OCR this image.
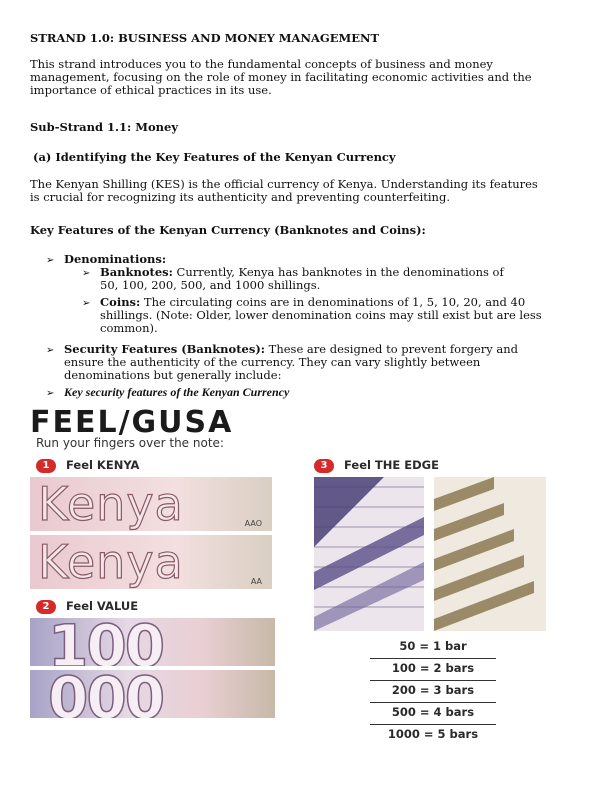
STRAND 1.0: BUSINESS AND MONEY MANAGEMENT
This strand introduces you to the fundamental concepts of business and money
management, focusing on the role of money in facilitating economic activities and the
importance of ethical practices in its use.
Sub-Strand 1.1: Money
(a) Identifying the Key Features of the Kenyan Currency
The Kenyan Shilling (KES) is the official currency of Kenya. Understanding its features
is crucial for recognizing its authenticity and preventing counterfeiting.
Key Features of the Kenyan Currency (Banknotes and Coins):
➢ Denominations:
➢ Banknotes: Currently, Kenya has banknotes in the denominations of
50, 100, 200, 500, and 1000 shillings.
➢ Coins: The circulating coins are in denominations of 1, 5, 10, 20, and 40
shillings. (Note: Older, lower denomination coins may still exist but are less
common).
➢ Security Features (Banknotes): These are designed to prevent forgery and
ensure the authenticity of the currency. They can vary slightly between
denominations but generally include:
➢ Key security features of the Kenyan Currency
FEEL/GUSA
Run your fingers over the note:
1 Feel KENYA
2 Feel VALUE
3 Feel THE EDGE
Kenya	AAO
Kenya	AA
100
000
50 = 1 bar
100 = 2 bars
200 = 3 bars
500 = 4 bars
1000 = 5 bars
